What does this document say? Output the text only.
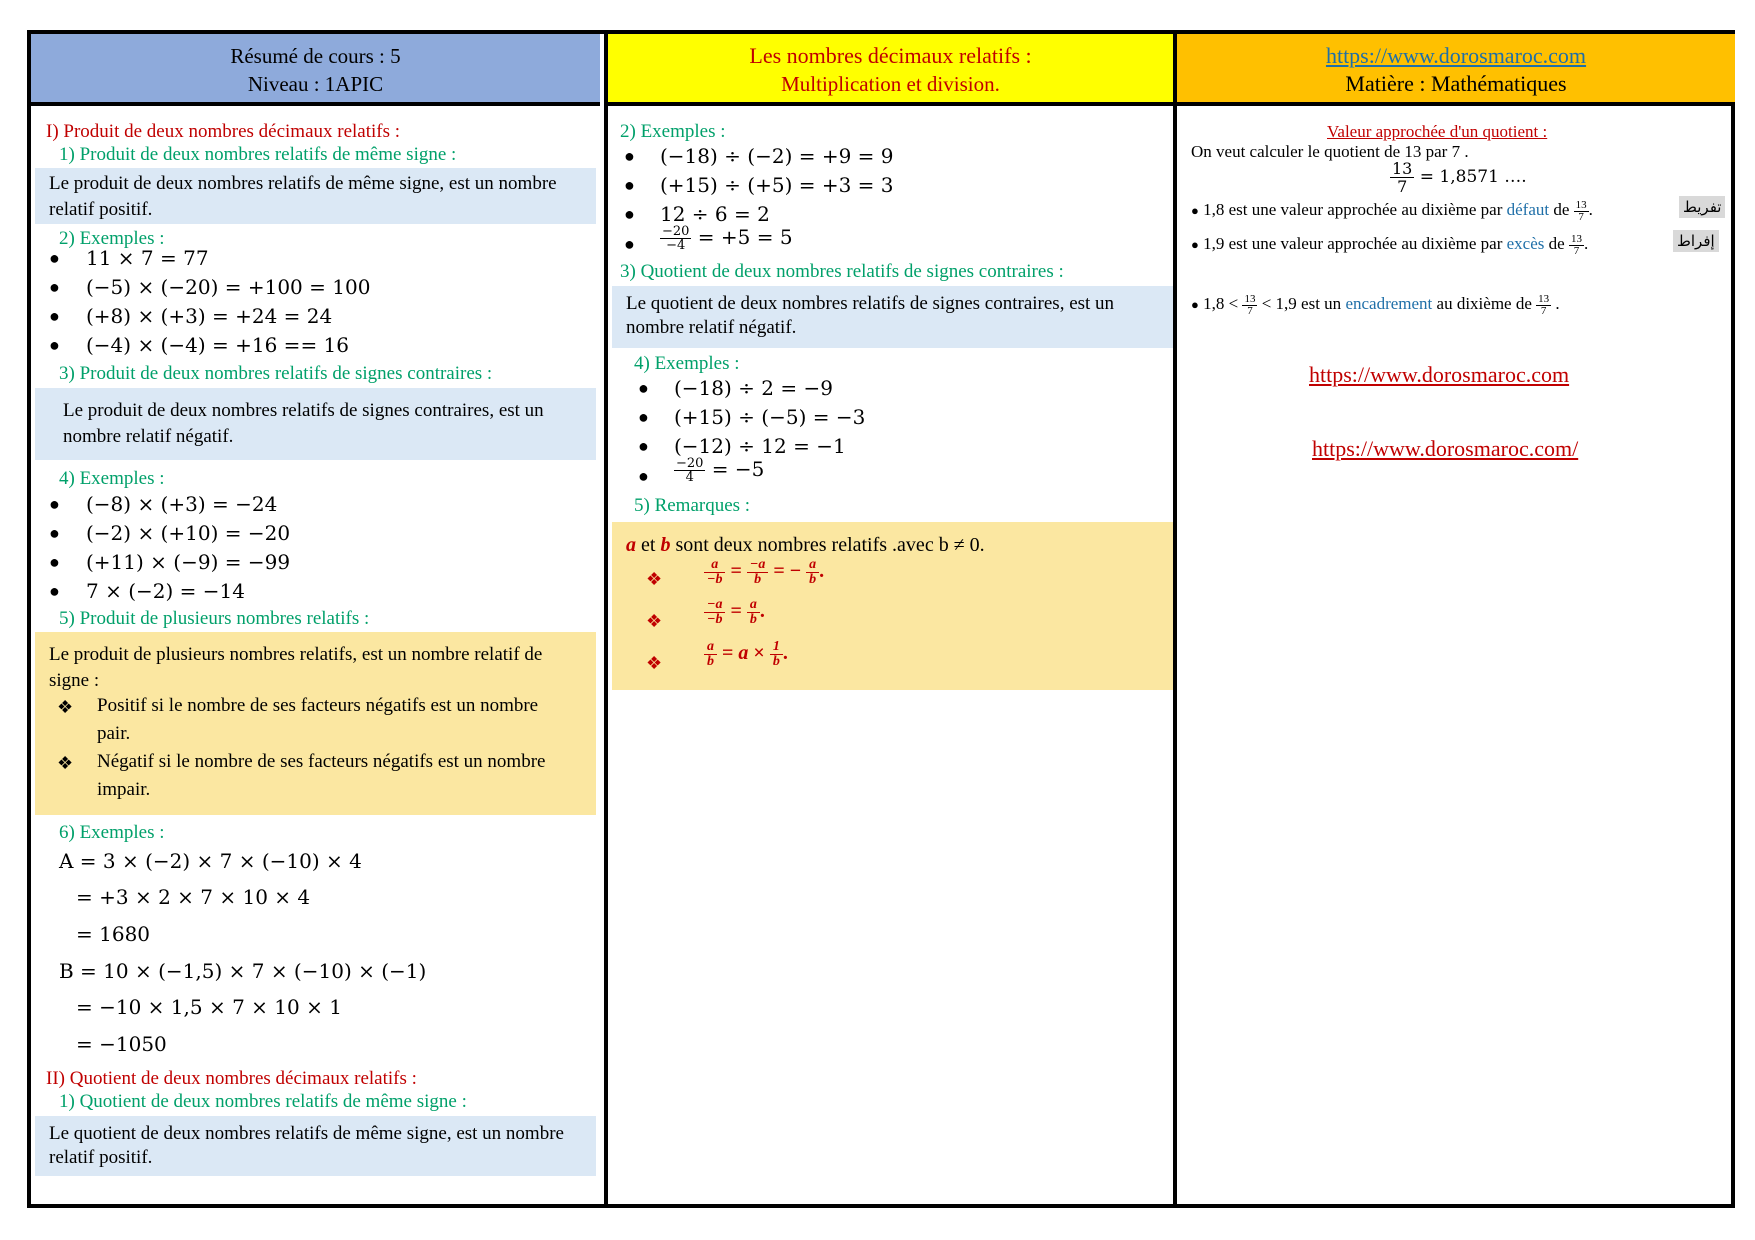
Résumé de cours : 5
Niveau : 1APIC
I) Produit de deux nombres décimaux relatifs :
1) Produit de deux nombres relatifs de même signe :
Le produit de deux nombres relatifs de même signe, est un nombre relatif positif.
2) Exemples :
● 11 × 7 = 77
● (−5) × (−20) = +100 = 100
● (+8) × (+3) = +24 = 24
● (−4) × (−4) = +16 == 16
3) Produit de deux nombres relatifs de signes contraires :
Le produit de deux nombres relatifs de signes contraires, est un nombre relatif négatif.
4) Exemples :
● (−8) × (+3) = −24
● (−2) × (+10) = −20
● (+11) × (−9) = −99
● 7 × (−2) = −14
5) Produit de plusieurs nombres relatifs :
Le produit de plusieurs nombres relatifs, est un nombre relatif de signe :
❖ Positif si le nombre de ses facteurs négatifs est un nombre pair.
❖ Négatif si le nombre de ses facteurs négatifs est un nombre impair.
6) Exemples :
A = 3 × (−2) × 7 × (−10) × 4
= +3 × 2 × 7 × 10 × 4
= 1680
B = 10 × (−1,5) × 7 × (−10) × (−1)
= −10 × 1,5 × 7 × 10 × 1
= −1050
II) Quotient de deux nombres décimaux relatifs :
1) Quotient de deux nombres relatifs de même signe :
Le quotient de deux nombres relatifs de même signe, est un nombre relatif positif.
Les nombres décimaux relatifs :
Multiplication et division.
2) Exemples :
● (−18) ÷ (−2) = +9 = 9
● (+15) ÷ (+5) = +3 = 3
● 12 ÷ 6 = 2
● $\frac{-20}{-4} = +5 = 5$
3) Quotient de deux nombres relatifs de signes contraires :
Le quotient de deux nombres relatifs de signes contraires, est un nombre relatif négatif.
4) Exemples :
● (−18) ÷ 2 = −9
● (+15) ÷ (−5) = −3
● (−12) ÷ 12 = −1
● $\frac{-20}{4} = -5$
5) Remarques :
a et b sont deux nombres relatifs .avec b ≠ 0.
❖	$\frac{a}{-b} = \frac{-a}{b}$ = − $\frac{a}{b}$ .
❖	$\frac{-a}{-b} = \frac{a}{b}$ .
❖	$\frac{a}{b} = a \times \frac{1}{b}$ .
https://www.dorosmaroc.com
Matière : Mathématiques
Valeur approchée d'un quotient :
On veut calculer le quotient de 13 par 7 .
$\frac{13}{7} = 1,8571$ ….
● 1,8 est une valeur approchée au dixième par défaut de $\frac{13}{7}$ .	تفريط
● 1,9 est une valeur approchée au dixième par excès de $\frac{13}{7}$ .	إفراط
● $1,8 < \frac{13}{7} < 1,9$ est un encadrement au dixième de $\frac{13}{7}$ .
https://www.dorosmaroc.com
https://www.dorosmaroc.com/
